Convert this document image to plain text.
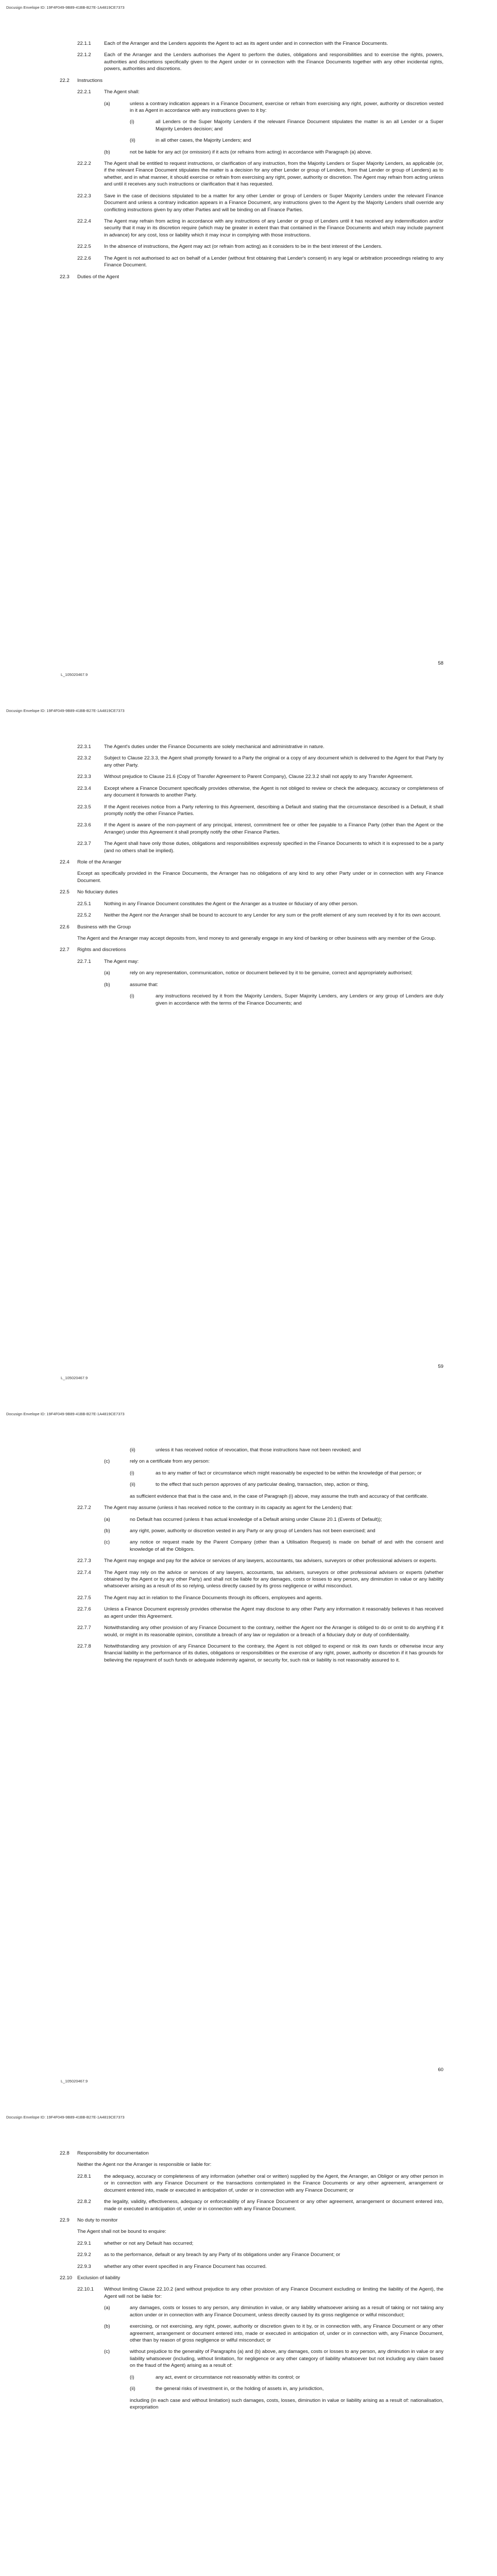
Docusign Envelope ID: 19F4F049-9B89-41BB-B27E-1A4819CE7373
22.1.1	Each of the Arranger and the Lenders appoints the Agent to act as its agent under and in connection with the Finance Documents.
22.1.2	Each of the Arranger and the Lenders authorises the Agent to perform the duties, obligations and responsibilities and to exercise the rights, powers, authorities and discretions specifically given to the Agent under or in connection with the Finance Documents together with any other incidental rights, powers, authorities and discretions.
22.2	Instructions
22.2.1	The Agent shall:
(a)	unless a contrary indication appears in a Finance Document, exercise or refrain from exercising any right, power, authority or discretion vested in it as Agent in accordance with any instructions given to it by:
(i)	all Lenders or the Super Majority Lenders if the relevant Finance Document stipulates the matter is an all Lender or a Super Majority Lenders decision; and
(ii)	in all other cases, the Majority Lenders; and
(b)	not be liable for any act (or omission) if it acts (or refrains from acting) in accordance with Paragraph (a) above.
22.2.2	The Agent shall be entitled to request instructions, or clarification of any instruction, from the Majority Lenders or Super Majority Lenders, as applicable (or, if the relevant Finance Document stipulates the matter is a decision for any other Lender or group of Lenders, from that Lender or group of Lenders) as to whether, and in what manner, it should exercise or refrain from exercising any right, power, authority or discretion. The Agent may refrain from acting unless and until it receives any such instructions or clarification that it has requested.
22.2.3	Save in the case of decisions stipulated to be a matter for any other Lender or group of Lenders or Super Majority Lenders under the relevant Finance Document and unless a contrary indication appears in a Finance Document, any instructions given to the Agent by the Majority Lenders shall override any conflicting instructions given by any other Parties and will be binding on all Finance Parties.
22.2.4	The Agent may refrain from acting in accordance with any instructions of any Lender or group of Lenders until it has received any indemnification and/or security that it may in its discretion require (which may be greater in extent than that contained in the Finance Documents and which may include payment in advance) for any cost, loss or liability which it may incur in complying with those instructions.
22.2.5	In the absence of instructions, the Agent may act (or refrain from acting) as it considers to be in the best interest of the Lenders.
22.2.6	The Agent is not authorised to act on behalf of a Lender (without first obtaining that Lender's consent) in any legal or arbitration proceedings relating to any Finance Document.
22.3	Duties of the Agent
58
L_105020467.9
Docusign Envelope ID: 19F4F049-9B89-41BB-B27E-1A4819CE7373
22.3.1	The Agent's duties under the Finance Documents are solely mechanical and administrative in nature.
22.3.2	Subject to Clause 22.3.3, the Agent shall promptly forward to a Party the original or a copy of any document which is delivered to the Agent for that Party by any other Party.
22.3.3	Without prejudice to Clause 21.6 (Copy of Transfer Agreement to Parent Company), Clause 22.3.2 shall not apply to any Transfer Agreement.
22.3.4	Except where a Finance Document specifically provides otherwise, the Agent is not obliged to review or check the adequacy, accuracy or completeness of any document it forwards to another Party.
22.3.5	If the Agent receives notice from a Party referring to this Agreement, describing a Default and stating that the circumstance described is a Default, it shall promptly notify the other Finance Parties.
22.3.6	If the Agent is aware of the non-payment of any principal, interest, commitment fee or other fee payable to a Finance Party (other than the Agent or the Arranger) under this Agreement it shall promptly notify the other Finance Parties.
22.3.7	The Agent shall have only those duties, obligations and responsibilities expressly specified in the Finance Documents to which it is expressed to be a party (and no others shall be implied).
22.4	Role of the Arranger
Except as specifically provided in the Finance Documents, the Arranger has no obligations of any kind to any other Party under or in connection with any Finance Document.
22.5	No fiduciary duties
22.5.1	Nothing in any Finance Document constitutes the Agent or the Arranger as a trustee or fiduciary of any other person.
22.5.2	Neither the Agent nor the Arranger shall be bound to account to any Lender for any sum or the profit element of any sum received by it for its own account.
22.6	Business with the Group
The Agent and the Arranger may accept deposits from, lend money to and generally engage in any kind of banking or other business with any member of the Group.
22.7	Rights and discretions
22.7.1	The Agent may:
(a)	rely on any representation, communication, notice or document believed by it to be genuine, correct and appropriately authorised;
(b)	assume that:
(i)	any instructions received by it from the Majority Lenders, Super Majority Lenders, any Lenders or any group of Lenders are duly given in accordance with the terms of the Finance Documents; and
59
L_105020467.9
Docusign Envelope ID: 19F4F049-9B89-41BB-B27E-1A4819CE7373
(ii)	unless it has received notice of revocation, that those instructions have not been revoked; and
(c)	rely on a certificate from any person:
(i)	as to any matter of fact or circumstance which might reasonably be expected to be within the knowledge of that person; or
(ii)	to the effect that such person approves of any particular dealing, transaction, step, action or thing,
as sufficient evidence that that is the case and, in the case of Paragraph (i) above, may assume the truth and accuracy of that certificate.
22.7.2	The Agent may assume (unless it has received notice to the contrary in its capacity as agent for the Lenders) that:
(a)	no Default has occurred (unless it has actual knowledge of a Default arising under Clause 20.1 (Events of Default));
(b)	any right, power, authority or discretion vested in any Party or any group of Lenders has not been exercised; and
(c)	any notice or request made by the Parent Company (other than a Utilisation Request) is made on behalf of and with the consent and knowledge of all the Obligors.
22.7.3	The Agent may engage and pay for the advice or services of any lawyers, accountants, tax advisers, surveyors or other professional advisers or experts.
22.7.4	The Agent may rely on the advice or services of any lawyers, accountants, tax advisers, surveyors or other professional advisers or experts (whether obtained by the Agent or by any other Party) and shall not be liable for any damages, costs or losses to any person, any diminution in value or any liability whatsoever arising as a result of its so relying, unless directly caused by its gross negligence or wilful misconduct.
22.7.5	The Agent may act in relation to the Finance Documents through its officers, employees and agents.
22.7.6	Unless a Finance Document expressly provides otherwise the Agent may disclose to any other Party any information it reasonably believes it has received as agent under this Agreement.
22.7.7	Notwithstanding any other provision of any Finance Document to the contrary, neither the Agent nor the Arranger is obliged to do or omit to do anything if it would, or might in its reasonable opinion, constitute a breach of any law or regulation or a breach of a fiduciary duty or duty of confidentiality.
22.7.8	Notwithstanding any provision of any Finance Document to the contrary, the Agent is not obliged to expend or risk its own funds or otherwise incur any financial liability in the performance of its duties, obligations or responsibilities or the exercise of any right, power, authority or discretion if it has grounds for believing the repayment of such funds or adequate indemnity against, or security for, such risk or liability is not reasonably assured to it.
60
L_105020467.9
Docusign Envelope ID: 19F4F049-9B89-41BB-B27E-1A4819CE7373
22.8	Responsibility for documentation
Neither the Agent nor the Arranger is responsible or liable for:
22.8.1	the adequacy, accuracy or completeness of any information (whether oral or written) supplied by the Agent, the Arranger, an Obligor or any other person in or in connection with any Finance Document or the transactions contemplated in the Finance Documents or any other agreement, arrangement or document entered into, made or executed in anticipation of, under or in connection with any Finance Document; or
22.8.2	the legality, validity, effectiveness, adequacy or enforceability of any Finance Document or any other agreement, arrangement or document entered into, made or executed in anticipation of, under or in connection with any Finance Document.
22.9	No duty to monitor
The Agent shall not be bound to enquire:
22.9.1	whether or not any Default has occurred;
22.9.2	as to the performance, default or any breach by any Party of its obligations under any Finance Document; or
22.9.3	whether any other event specified in any Finance Document has occurred.
22.10	Exclusion of liability
22.10.1	Without limiting Clause 22.10.2 (and without prejudice to any other provision of any Finance Document excluding or limiting the liability of the Agent), the Agent will not be liable for:
(a)	any damages, costs or losses to any person, any diminution in value, or any liability whatsoever arising as a result of taking or not taking any action under or in connection with any Finance Document, unless directly caused by its gross negligence or wilful misconduct;
(b)	exercising, or not exercising, any right, power, authority or discretion given to it by, or in connection with, any Finance Document or any other agreement, arrangement or document entered into, made or executed in anticipation of, under or in connection with, any Finance Document, other than by reason of gross negligence or wilful misconduct; or
(c)	without prejudice to the generality of Paragraphs (a) and (b) above, any damages, costs or losses to any person, any diminution in value or any liability whatsoever (including, without limitation, for negligence or any other category of liability whatsoever but not including any claim based on the fraud of the Agent) arising as a result of:
(i)	any act, event or circumstance not reasonably within its control; or
(ii)	the general risks of investment in, or the holding of assets in, any jurisdiction,
including (in each case and without limitation) such damages, costs, losses, diminution in value or liability arising as a result of: nationalisation, expropriation
